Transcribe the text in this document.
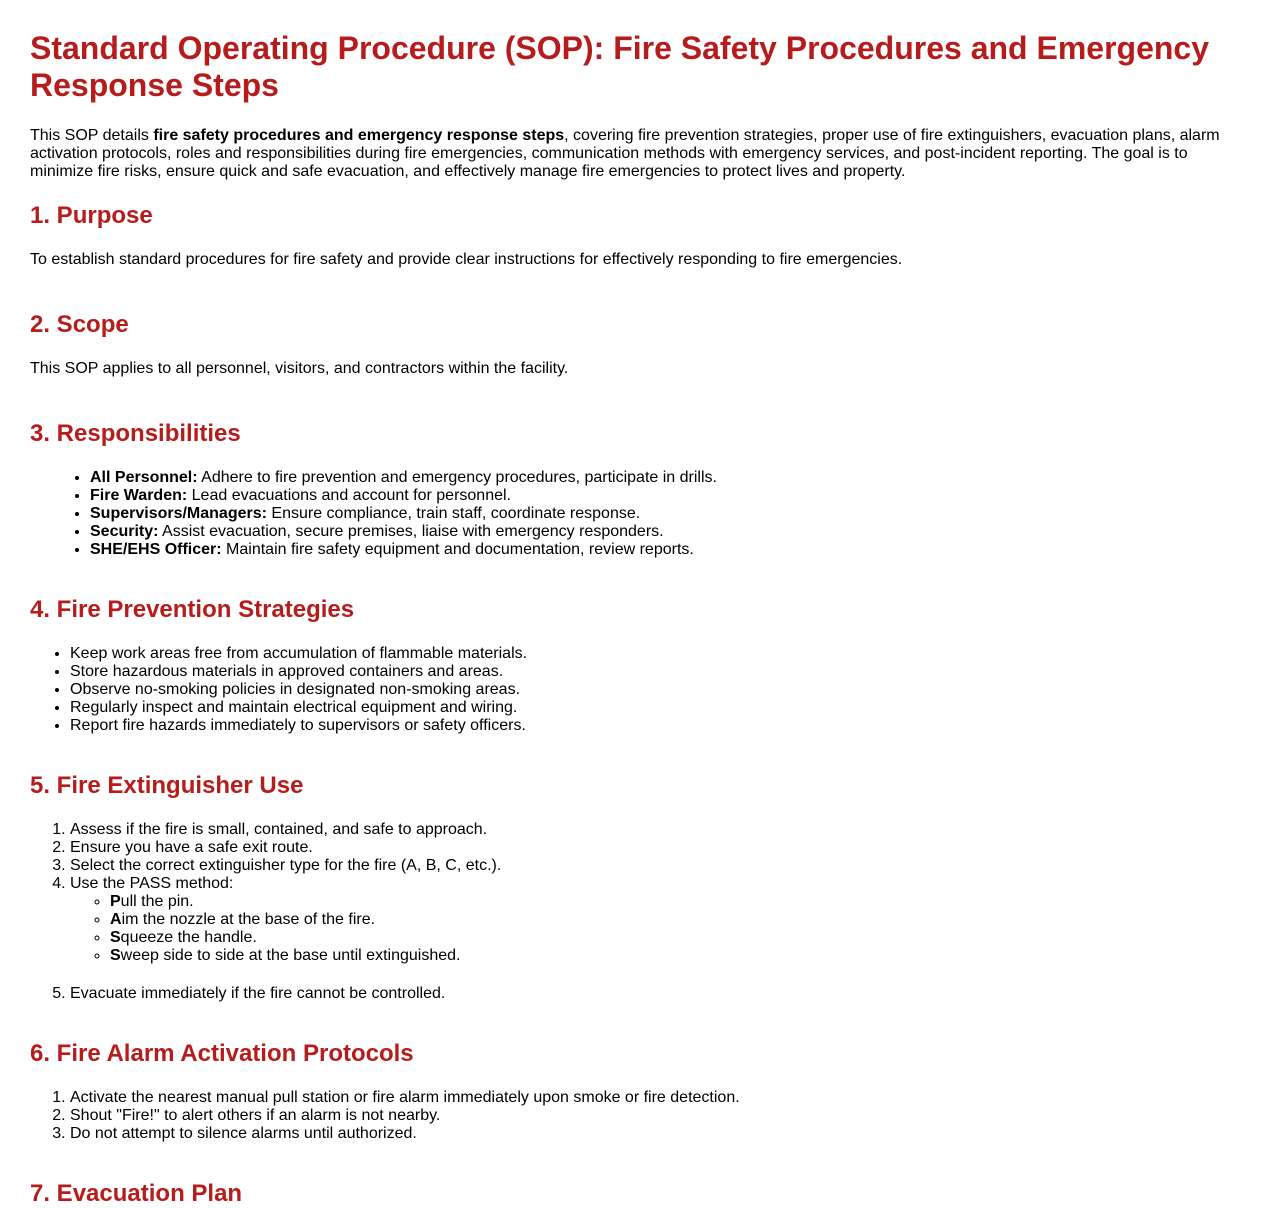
Standard Operating Procedure (SOP): Fire Safety Procedures and Emergency Response Steps

This SOP details fire safety procedures and emergency response steps, covering fire prevention strategies, proper use of fire extinguishers, evacuation plans, alarm activation protocols, roles and responsibilities during fire emergencies, communication methods with emergency services, and post-incident reporting. The goal is to minimize fire risks, ensure quick and safe evacuation, and effectively manage fire emergencies to protect lives and property.

1. Purpose

To establish standard procedures for fire safety and provide clear instructions for effectively responding to fire emergencies.

2. Scope

This SOP applies to all personnel, visitors, and contractors within the facility.

3. Responsibilities
• All Personnel: Adhere to fire prevention and emergency procedures, participate in drills.
• Fire Warden: Lead evacuations and account for personnel.
• Supervisors/Managers: Ensure compliance, train staff, coordinate response.
• Security: Assist evacuation, secure premises, liaise with emergency responders.
• SHE/EHS Officer: Maintain fire safety equipment and documentation, review reports.
4. Fire Prevention Strategies
• Keep work areas free from accumulation of flammable materials.
• Store hazardous materials in approved containers and areas.
• Observe no-smoking policies in designated non-smoking areas.
• Regularly inspect and maintain electrical equipment and wiring.
• Report fire hazards immediately to supervisors or safety officers.
5. Fire Extinguisher Use
1. Assess if the fire is small, contained, and safe to approach.
2. Ensure you have a safe exit route.
3. Select the correct extinguisher type for the fire (A, B, C, etc.).
4. Use the PASS method:
◦ Pull the pin.
◦ Aim the nozzle at the base of the fire.
◦ Squeeze the handle.
◦ Sweep side to side at the base until extinguished.
5. Evacuate immediately if the fire cannot be controlled.
6. Fire Alarm Activation Protocols
1. Activate the nearest manual pull station or fire alarm immediately upon smoke or fire detection.
2. Shout "Fire!" to alert others if an alarm is not nearby.
3. Do not attempt to silence alarms until authorized.
7. Evacuation Plan
